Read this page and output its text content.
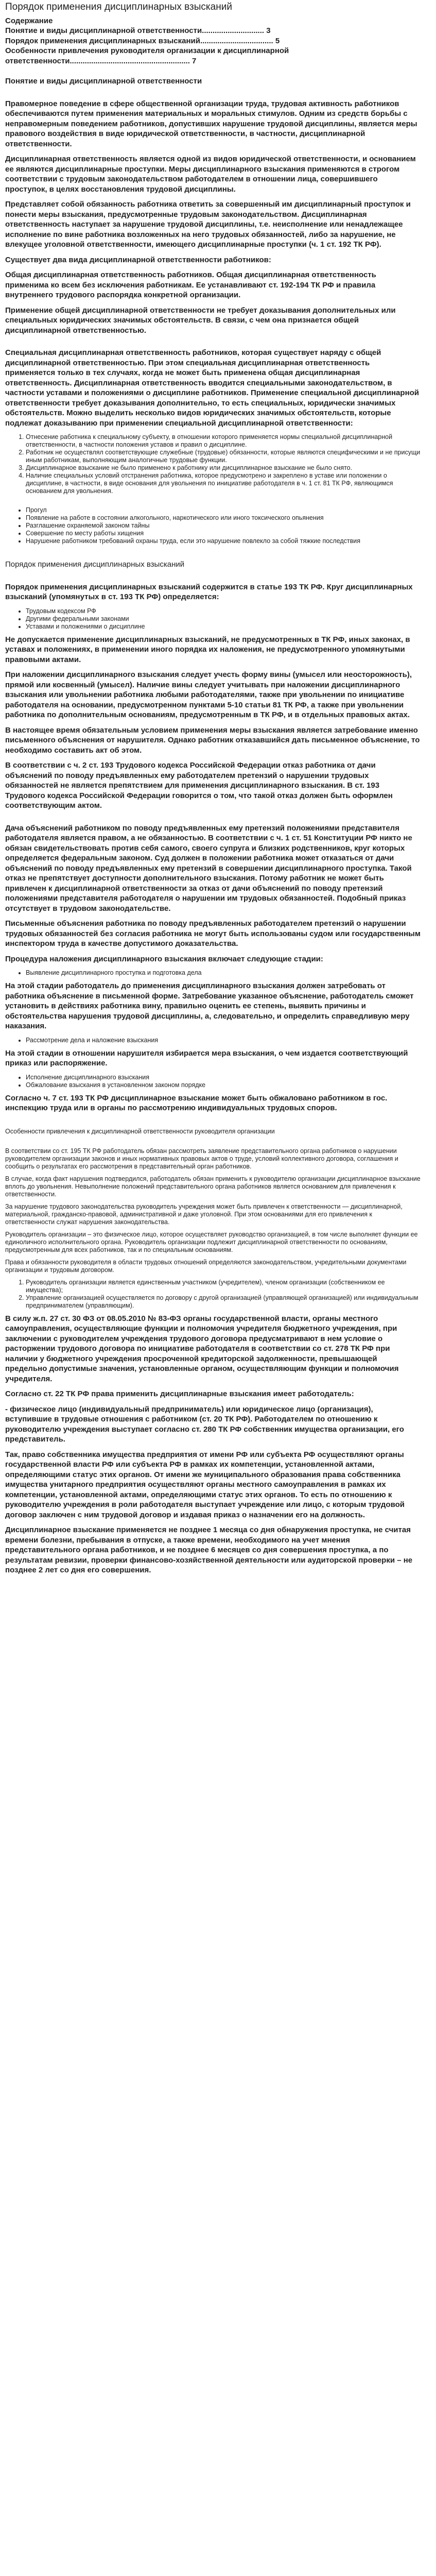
Порядок применения дисциплинарных взысканий

Содержание

Понятие и виды дисциплинарной ответственности............................. 3

Порядок применения дисциплинарных взысканий.................................. 5

Особенности привлечения руководителя организации к дисциплинарной ответственности........................................................ 7

Понятие и виды дисциплинарной ответственности

Правомерное поведение в сфере общественной организации труда, трудовая активность работников обеспечиваются путем применения материальных и моральных стимулов. Одним из средств борьбы с неправомерным поведением работников, допустивших нарушение трудовой дисциплины, является меры правового воздействия в виде юридической ответственности, в частности, дисциплинарной ответственности.

Дисциплинарная ответственность является одной из видов юридической ответственности, и основанием ее являются дисциплинарные проступки. Меры дисциплинарного взыскания применяются в строгом соответствии с трудовым законодательством работодателем в отношении лица, совершившего проступок, в целях восстановления трудовой дисциплины.

Представляет собой обязанность работника ответить за совершенный им дисциплинарный проступок и понести меры взыскания, предусмотренные трудовым законодательством. Дисциплинарная ответственность наступает за нарушение трудовой дисциплины, т.е. неисполнение или ненадлежащее исполнение по вине работника возложенных на него трудовых обязанностей, либо за нарушение, не влекущее уголовной ответственности, имеющего дисциплинарные проступки (ч. 1 ст. 192 ТК РФ).

Существует два вида дисциплинарной ответственности работников:

Общая дисциплинарная ответственность работников. Общая дисциплинарная ответственность применима ко всем без исключения работникам. Ее устанавливают ст. 192-194 ТК РФ и правила внутреннего трудового распорядка конкретной организации.

Применение общей дисциплинарной ответственности не требует доказывания дополнительных или специальных юридических значимых обстоятельств. В связи, с чем она признается общей дисциплинарной ответственностью.

Специальная дисциплинарная ответственность работников, которая существует наряду с общей дисциплинарной ответственностью. При этом специальная дисциплинарная ответственность применяется только в тех случаях, когда не может быть применена общая дисциплинарная ответственность. Дисциплинарная ответственность вводится специальными законодательством, в частности уставами и положениями о дисциплине работников. Применение специальной дисциплинарной ответственности требует доказывания дополнительно, то есть специальных, юридически значимых обстоятельств. Можно выделить несколько видов юридических значимых обстоятельств, которые подлежат доказыванию при применении специальной дисциплинарной ответственности:

1. Отнесение работника к специальному субъекту, в отношении которого применяется нормы специальной дисциплинарной ответственности, в частности положения уставов и правил о дисциплине.
2. Работник не осуществлял соответствующие служебные (трудовые) обязанности, которые являются специфическими и не присущи иным работникам, выполняющим аналогичные трудовые функции.
3. Дисциплинарное взыскание не было применено к работнику или дисциплинарное взыскание не было снято.
4. Наличие специальных условий отстранения работника, которое предусмотрено и закреплено в уставе или положении о дисциплине, в частности, в виде основания для увольнения по инициативе работодателя в ч. 1 ст. 81 ТК РФ, являющимся основанием для увольнения.
• Прогул
• Появление на работе в состоянии алкогольного, наркотического или иного токсического опьянения
• Разглашение охраняемой законом тайны
• Совершение по месту работы хищения
• Нарушение работником требований охраны труда, если это нарушение повлекло за собой тяжкие последствия

Порядок применения дисциплинарных взысканий

Порядок применения дисциплинарных взысканий содержится в статье 193 ТК РФ. Круг дисциплинарных взысканий (упомянутых в ст. 193 ТК РФ) определяется:

• Трудовым кодексом РФ
• Другими федеральными законами
• Уставами и положениями о дисциплине

Не допускается применение дисциплинарных взысканий, не предусмотренных в ТК РФ, иных законах, в уставах и положениях, в применении иного порядка их наложения, не предусмотренного упомянутыми правовыми актами.

При наложении дисциплинарного взыскания следует учесть форму вины (умысел или неосторожность), прямой или косвенный (умысел). Наличие вины следует учитывать при наложении дисциплинарного взыскания или увольнении работника любыми работодателями, также при увольнении по инициативе работодателя на основании, предусмотренном пунктами 5-10 статьи 81 ТК РФ, а также при увольнении работника по дополнительным основаниям, предусмотренным в ТК РФ, и в отдельных правовых актах.

В настоящее время обязательным условием применения меры взыскания является затребование именно письменного объяснения от нарушителя. Однако работник отказавшийся дать письменное объяснение, то необходимо составить акт об этом.

В соответствии с ч. 2 ст. 193 Трудового кодекса Российской Федерации отказ работника от дачи объяснений по поводу предъявленных ему работодателем претензий о нарушении трудовых обязанностей не является препятствием для применения дисциплинарного взыскания. В ст. 193 Трудового кодекса Российской Федерации говорится о том, что такой отказ должен быть оформлен соответствующим актом.

Дача объяснений работником по поводу предъявленных ему претензий положениями представителя работодателя является правом, а не обязанностью. В соответствии с ч. 1 ст. 51 Конституции РФ никто не обязан свидетельствовать против себя самого, своего супруга и близких родственников, круг которых определяется федеральным законом. Суд должен в положении работника может отказаться от дачи объяснений по поводу предъявленных ему претензий в совершении дисциплинарного проступка. Такой отказ не препятствует доступности дополнительного взыскания. Потому работник не может быть привлечен к дисциплинарной ответственности за отказ от дачи объяснений по поводу претензий положениями представителя работодателя о нарушении им трудовых обязанностей. Подобный приказ отсутствует в трудовом законодательстве.

Письменные объяснения работника по поводу предъявленных работодателем претензий о нарушении трудовых обязанностей без согласия работника не могут быть использованы судом или государственным инспектором труда в качестве допустимого доказательства.

Процедура наложения дисциплинарного взыскания включает следующие стадии:

• Выявление дисциплинарного проступка и подготовка дела

На этой стадии работодатель до применения дисциплинарного взыскания должен затребовать от работника объяснение в письменной форме. Затребование указанное объяснение, работодатель сможет установить в действиях работника вину, правильно оценить ее степень, выявить причины и обстоятельства нарушения трудовой дисциплины, а, следовательно, и определить справедливую меру наказания.

• Рассмотрение дела и наложение взыскания

На этой стадии в отношении нарушителя избирается мера взыскания, о чем издается соответствующий приказ или распоряжение.

• Исполнение дисциплинарного взыскания
• Обжалование взыскания в установленном законом порядке

Согласно ч. 7 ст. 193 ТК РФ дисциплинарное взыскание может быть обжаловано работником в гос. инспекцию труда или в органы по рассмотрению индивидуальных трудовых споров.

Особенности привлечения к дисциплинарной ответственности руководителя организации

В соответствии со ст. 195 ТК РФ работодатель обязан рассмотреть заявление представительного органа работников о нарушении руководителем организации законов и иных нормативных правовых актов о труде, условий коллективного договора, соглашения и сообщить о результатах его рассмотрения в представительный орган работников.

В случае, когда факт нарушения подтвердился, работодатель обязан применить к руководителю организации дисциплинарное взыскание вплоть до увольнения. Невыполнение положений представительного органа работников является основанием для привлечения к ответственности.

За нарушение трудового законодательства руководитель учреждения может быть привлечен к ответственности — дисциплинарной, материальной, гражданско-правовой, административной и даже уголовной. При этом основаниями для его привлечения к ответственности служат нарушения законодательства.

Руководитель организации – это физическое лицо, которое осуществляет руководство организацией, в том числе выполняет функции ее единоличного исполнительного органа. Руководитель организации подлежит дисциплинарной ответственности по основаниям, предусмотренным для всех работников, так и по специальным основаниям.

Права и обязанности руководителя в области трудовых отношений определяются законодательством, учредительными документами организации и трудовым договором.

1. Руководитель организации является единственным участником (учредителем), членом организации (собственником ее имущества);
2. Управление организацией осуществляется по договору с другой организацией (управляющей организацией) или индивидуальным предпринимателем (управляющим).

В силу ж.п. 27 ст. 30 ФЗ от 08.05.2010 № 83-ФЗ органы государственной власти, органы местного самоуправления, осуществляющие функции и полномочия учредителя бюджетного учреждения, при заключении с руководителем учреждения трудового договора предусматривают в нем условие о расторжении трудового договора по инициативе работодателя в соответствии со ст. 278 ТК РФ при наличии у бюджетного учреждения просроченной кредиторской задолженности, превышающей предельно допустимые значения, установленные органом, осуществляющим функции и полномочия учредителя.

Согласно ст. 22 ТК РФ права применить дисциплинарные взыскания имеет работодатель:

- физическое лицо (индивидуальный предприниматель) или юридическое лицо (организация), вступившие в трудовые отношения с работником (ст. 20 ТК РФ). Работодателем по отношению к руководителю учреждения выступает согласно ст. 280 ТК РФ собственник имущества организации, его представитель.

Так, право собственника имущества предприятия от имени РФ или субъекта РФ осуществляют органы государственной власти РФ или субъекта РФ в рамках их компетенции, установленной актами, определяющими статус этих органов. От имени же муниципального образования права собственника имущества унитарного предприятия осуществляют органы местного самоуправления в рамках их компетенции, установленной актами, определяющими статус этих органов. То есть по отношению к руководителю учреждения в роли работодателя выступает учреждение или лицо, с которым трудовой договор заключен с ним трудовой договор и издавая приказ о назначении его на должность.

Дисциплинарное взыскание применяется не позднее 1 месяца со дня обнаружения проступка, не считая времени болезни, пребывания в отпуске, а также времени, необходимого на учет мнения представительного органа работников, и не позднее 6 месяцев со дня совершения проступка, а по результатам ревизии, проверки финансово-хозяйственной деятельности или аудиторской проверки – не позднее 2 лет со дня его совершения.
